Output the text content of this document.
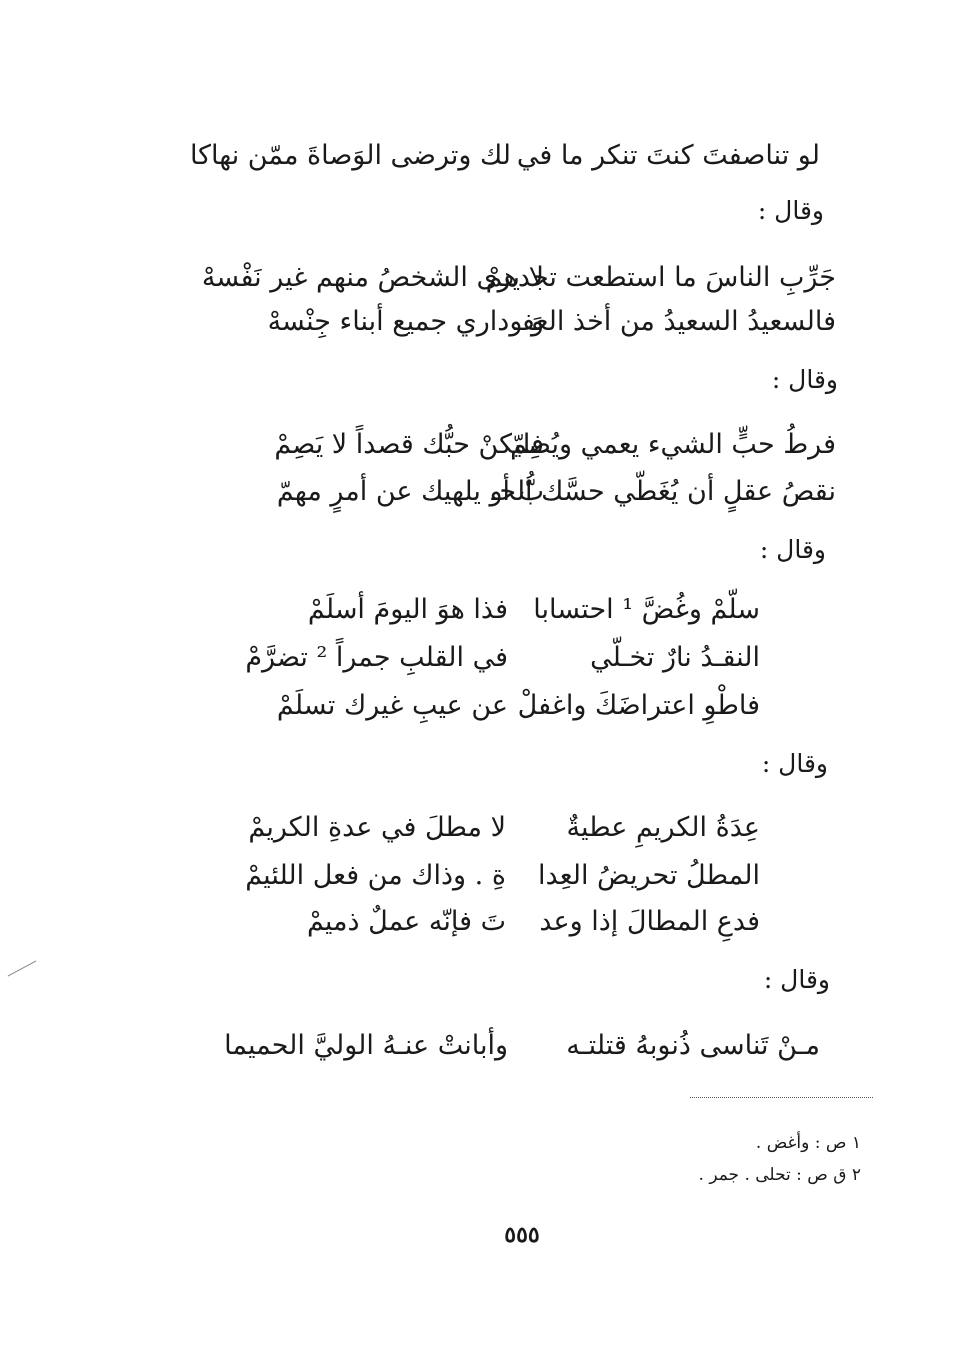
لو تناصفتَ كنتَ تنكر ما في
لك وترضى الوَصاةَ ممّن نهاكا
وقال :
جَرِّبِ الناسَ ما استطعت تجدهمْ
لا يرى الشخصُ منهم غير نَفْسهْ
فالسعيدُ السعيدُ من أخذ العفـ
وَ وداري جميع أبناء جِنْسهْ
وقال :
فرطُ حبٍّ الشيء يعمي ويُصِمّ
فليكنْ حبُّك قصداً لا يَصِمْ
نقصُ عقلٍ أن يُغَطّي حسَّك الحـ
بُّ أو يلهيك عن أمرٍ مهمّ
وقال :
سلّمْ وغُضَّ ¹ احتسابا
فذا هوَ اليومَ أسلَمْ
النقـدُ نارٌ تخـلّي
في القلبِ جمراً ² تضرَّمْ
فاطْوِ اعتراضَكَ واغفلْ
عن عيبِ غيرك تسلَمْ
وقال :
عِدَةُ الكريمِ عطيةٌ
لا مطلَ في عدةِ الكريمْ
المطلُ تحريضُ العِدا
ةِ . وذاك من فعل اللئيمْ
فدعِ المطالَ إذا وعد
تَ فإنّه عملٌ ذميمْ
وقال :
مـنْ تَناسى ذُنوبهُ قتلتـه
وأبانتْ عنـهُ الوليَّ الحميما
١ ص : وأغض .
٢ ق ص : تحلى . جمر .
٥٥٥
